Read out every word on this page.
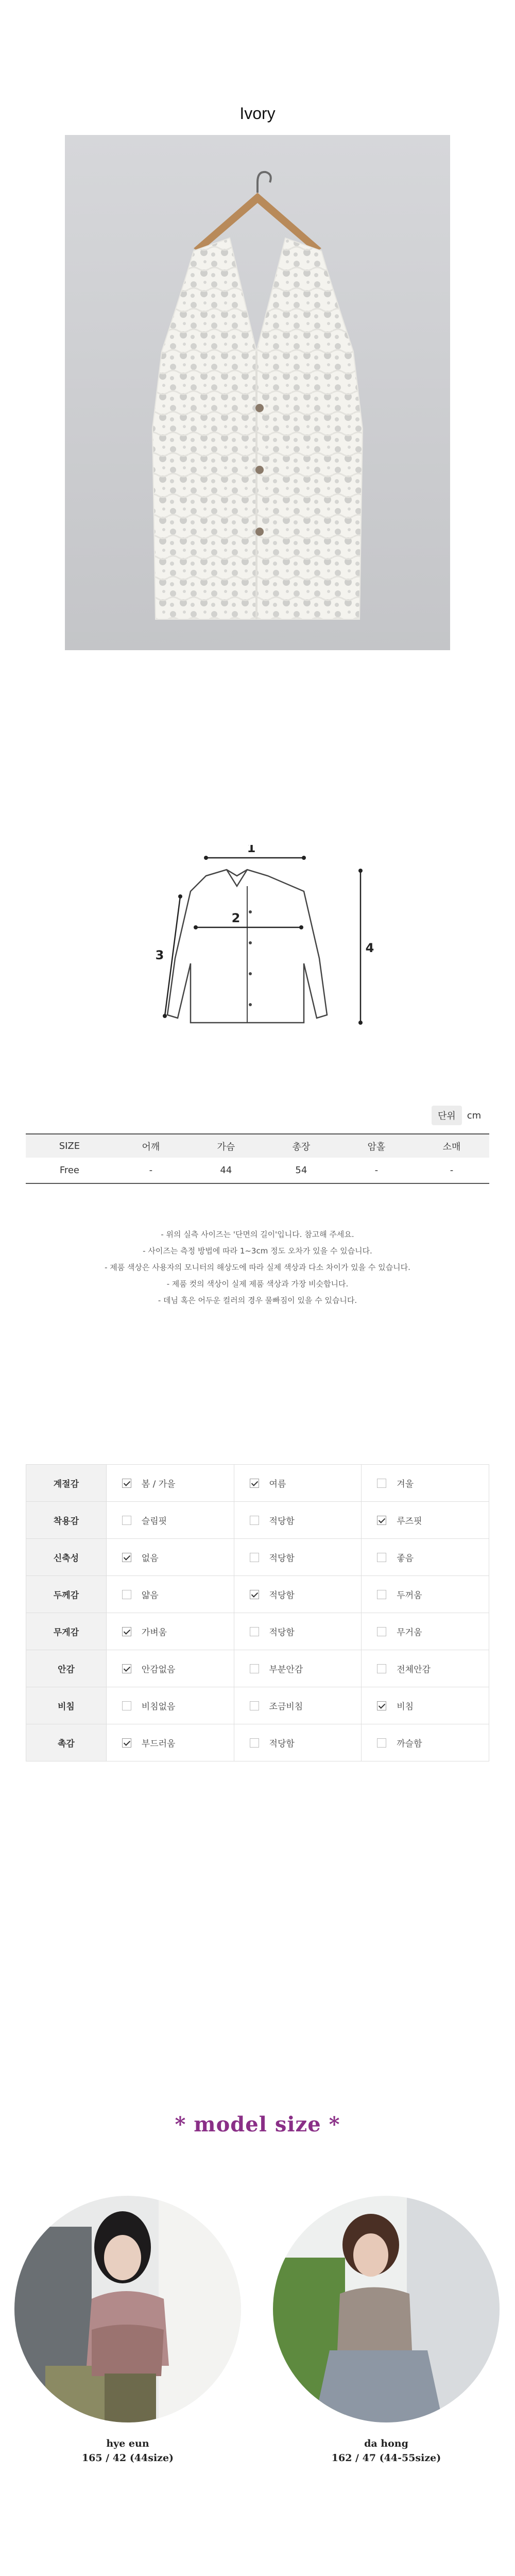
Ivory
1
2
3	4
단위	cm
SIZE	어깨	가슴	총장	암홀	소매
Free	-	44	54	-	-
- 위의 실측 사이즈는 '단면의 길이'입니다. 참고해 주세요.
- 사이즈는 측정 방법에 따라 1~3cm 정도 오차가 있을 수 있습니다.
- 제품 색상은 사용자의 모니터의 해상도에 따라 실제 색상과 다소 차이가 있을 수 있습니다.
- 제품 컷의 색상이 실제 제품 색상과 가장 비슷합니다.
- 데님 혹은 어두운 컬러의 경우 물빠짐이 있을 수 있습니다.
계절감	봄 / 가을	여름	겨울
착용감	슬림핏	적당함	루즈핏
신축성	없음	적당함	좋음
두께감	얇음	적당함	두꺼움
무게감	가벼움	적당함	무거움
안감	안감없음	부분안감	전체안감
비침	비침없음	조금비침	비침
촉감	부드러움	적당함	까슬함
* model size *
hye eun
165 / 42 (44size)
da hong
162 / 47 (44-55size)
